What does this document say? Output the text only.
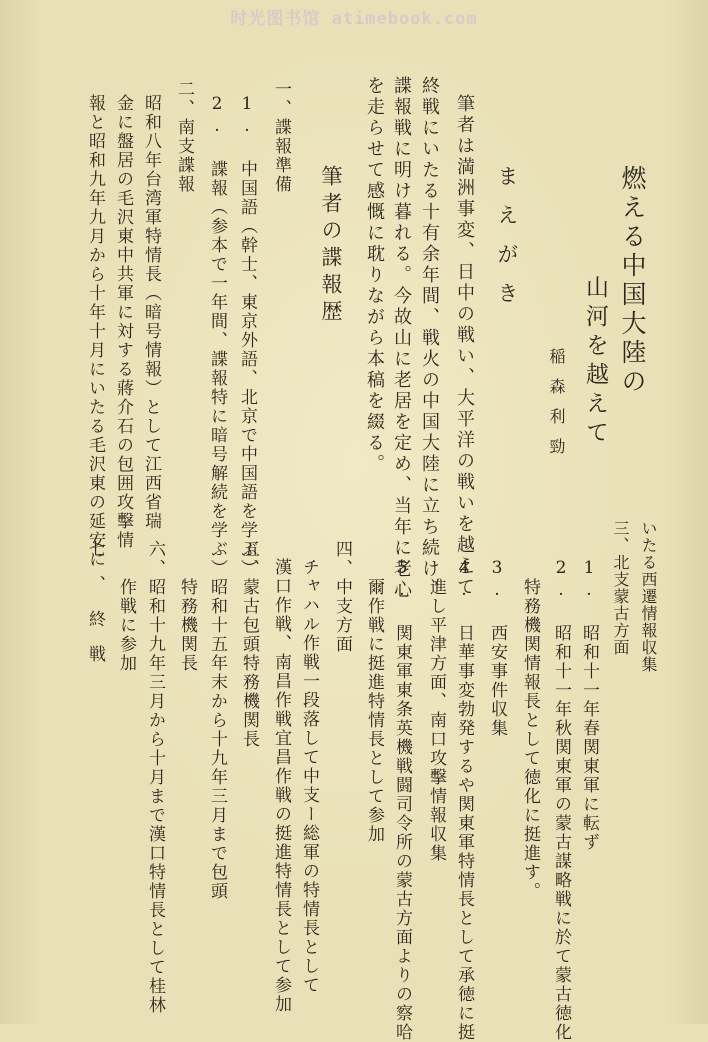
时光图书馆 atimebook.com
燃える中国大陸の
山河を越えて
稲森利勁
まえがき
筆者は満洲事変、日中の戦い、大平洋の戦いを越えて
終戦にいたる十有余年間、戦火の中国大陸に立ち続け、
諜報戦に明け暮れる。今故山に老居を定め、当年に老心
を走らせて感慨に耽りながら本稿を綴る。
筆者の諜報歴
一、諜報準備
1. 中国語（幹士、東京外語、北京で中国語を学ぶ）
2. 諜報（参本で一年間、諜報特に暗号解続を学ぶ）
二、南支諜報
昭和八年台湾軍特情長（暗号情報）として江西省瑞
金に盤居の毛沢東中共軍に対する蔣介石の包囲攻擊情
報と昭和九年九月から十年十月にいたる毛沢東の延安に
いたる西遷情報収集
三、北支蒙古方面
1. 昭和十一年春関東軍に転ず
2. 昭和十一年秋関東軍の蒙古謀略戦に於て蒙古徳化
特務機関情報長として徳化に挺進す。
3. 西安事件収集
4. 日華事変勃発するや関東軍特情長として承徳に挺
進し平津方面、南口攻擊情報収集
5. 関東軍東条英機戦闘司令所の蒙古方面よりの察哈
爾作戦に挺進特情長として参加
四、中支方面
チャハル作戦一段落して中支ー総軍の特情長として
漢口作戦、南昌作戦宜昌作戦の挺進特情長として参加
五、蒙古包頭特務機関長
昭和十五年末から十九年三月まで包頭
特務機関長
六、昭和十九年三月から十月まで漢口特情長として桂林
作戦に参加
七、終戦
